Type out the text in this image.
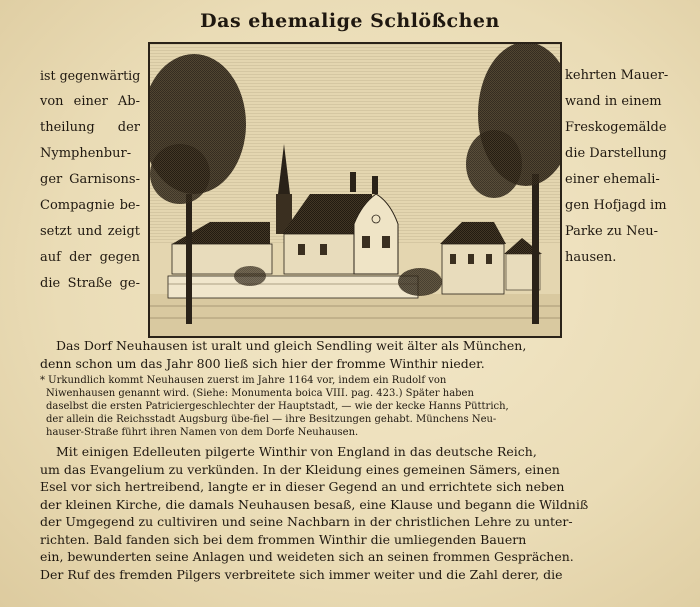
Das ehemalige Schlößchen
ist gegenwärtig
von einer Ab-
theilung der
Nymphenbur-
ger Garnisons-
Compagnie be-
setzt und zeigt
auf der gegen
die Straße ge-
kehrten Mauer-
wand in einem
Freskogemälde
die Darstellung
einer ehemali-
gen Hofjagd im
Parke zu Neu-
hausen.
Das Dorf Neuhausen ist uralt und gleich Sendling weit älter als München,
denn schon um das Jahr 800 ließ sich hier der fromme Winthir nieder.
* Urkundlich kommt Neuhausen zuerst im Jahre 1164 vor, indem ein Rudolf von
Niwenhausen genannt wird. (Siehe: Monumenta boica VIII. pag. 423.) Später haben
daselbst die ersten Patriciergeschlechter der Hauptstadt, — wie der kecke Hanns Püttrich,
der allein die Reichsstadt Augsburg übe-fiel — ihre Besitzungen gehabt. Münchens Neu-
hauser-Straße führt ihren Namen von dem Dorfe Neuhausen.
Mit einigen Edelleuten pilgerte Winthir von England in das deutsche Reich,
um das Evangelium zu verkünden. In der Kleidung eines gemeinen Sämers, einen
Esel vor sich hertreibend, langte er in dieser Gegend an und errichtete sich neben
der kleinen Kirche, die damals Neuhausen besaß, eine Klause und begann die Wildniß
der Umgegend zu cultiviren und seine Nachbarn in der christlichen Lehre zu unter-
richten. Bald fanden sich bei dem frommen Winthir die umliegenden Bauern
ein, bewunderten seine Anlagen und weideten sich an seinen frommen Gesprächen.
Der Ruf des fremden Pilgers verbreitete sich immer weiter und die Zahl derer, die
